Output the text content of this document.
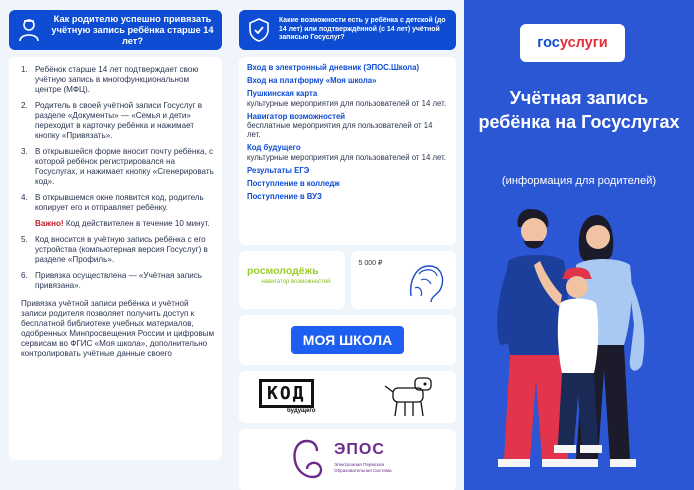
Как родителю успешно привязать учётную запись ребёнка старше 14 лет?
1. Ребёнок старше 14 лет подтверждает свою учётную запись в многофункциональном центре (МФЦ).
2. Родитель в своей учётной записи Госуслуг в разделе «Документы» — «Семья и дети» переходит в карточку ребёнка и нажимает кнопку «Привязать».
3. В открывшейся форме вносит почту ребёнка, с которой ребёнок регистрировался на Госуслугах, и нажимает кнопку «Сгенерировать код».
4. В открывшемся окне появится код, родитель копирует его и отправляет ребёнку.
Важно! Код действителен в течение 10 минут.
5. Код вносится в учётную запись ребёнка с его устройства (компьютерная версия Госуслуг) в разделе «Профиль».
6. Привязка осуществлена — «Учётная запись привязана».
Привязка учётной записи ребёнка и учётной записи родителя позволяет получить доступ к бесплатной библиотеке учебных материалов, одобренных Минпросвещения России и цифровым сервисам во ФГИС «Моя школа», дополнительно контролировать учётные данные своего
Какие возможности есть у ребёнка с детской (до 14 лет) или подтверждённой (с 14 лет) учётной записью Госуслуг?
Вход в электронный дневник (ЭПОС.Школа)
Вход на платформу «Моя школа»
Пушкинская карта
культурные мероприятия для пользователей от 14 лет.
Навигатор возможностей
бесплатные мероприятия для пользователей от 14 лет.
Код будущего
культурные мероприятия для пользователей от 14 лет.
Результаты ЕГЭ
Поступление в колледж
Поступление в ВУЗ
росмолодёжь
навигатор возможностей
5 000 ₽
МОЯ ШКОЛА
КОД
будущего
ЭПОС
Электронная Пермская Образовательная Система
гос услуги
Учётная запись ребёнка на Госуслугах
(информация для родителей)
